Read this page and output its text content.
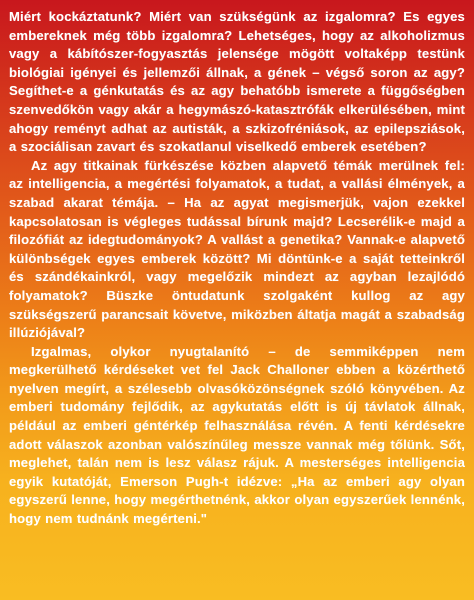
Miért kockáztatunk? Miért van szükségünk az izgalomra? Es egyes embereknek még több izgalomra? Lehetséges, hogy az alkoholizmus vagy a kábítószer-fogyasztás jelensége mögött voltaképp testünk biológiai igényei és jellemzői állnak, a gének – végső soron az agy? Segíthet-e a génkutatás és az agy behatóbb ismerete a függőségben szenvedőkön vagy akár a hegymászó-katasztrófák elkerülésében, mint ahogy reményt adhat az autisták, a szkizofréniások, az epilepsziások, a szociálisan zavart és szokatlanul viselkedő emberek esetében?

Az agy titkainak fürkészése közben alapvető témák merülnek fel: az intelligencia, a megértési folyamatok, a tudat, a vallási élmények, a szabad akarat témája. – Ha az agyat megismerjük, vajon ezekkel kapcsolatosan is végleges tudással bírunk majd? Lecserélik-e majd a filozófiát az idegtudományok? A vallást a genetika? Vannak-e alapvető különbségek egyes emberek között? Mi döntünk-e a saját tetteinkről és szándékainkról, vagy megelőzik mindezt az agyban lezajlódó folyamatok? Büszke öntudatunk szolgaként kullog az agy szükségszerű parancsait követve, miközben áltatja magát a szabadság illúziójával?

Izgalmas, olykor nyugtalanító – de semmiképpen nem megkerülhető kérdéseket vet fel Jack Challoner ebben a közérthető nyelven megírt, a szélesebb olvasóközönségnek szóló könyvében. Az emberi tudomány fejlődik, az agykutatás előtt is új távlatok állnak, például az emberi géntérkép felhasználása révén. A fenti kérdésekre adott válaszok azonban valószínűleg messze vannak még tőlünk. Sőt, meglehet, talán nem is lesz válasz rájuk. A mesterséges intelligencia egyik kutatóját, Emerson Pugh-t idézve: „Ha az emberi agy olyan egyszerű lenne, hogy megérthetnénk, akkor olyan egyszerűek lennénk, hogy nem tudnánk megérteni."
